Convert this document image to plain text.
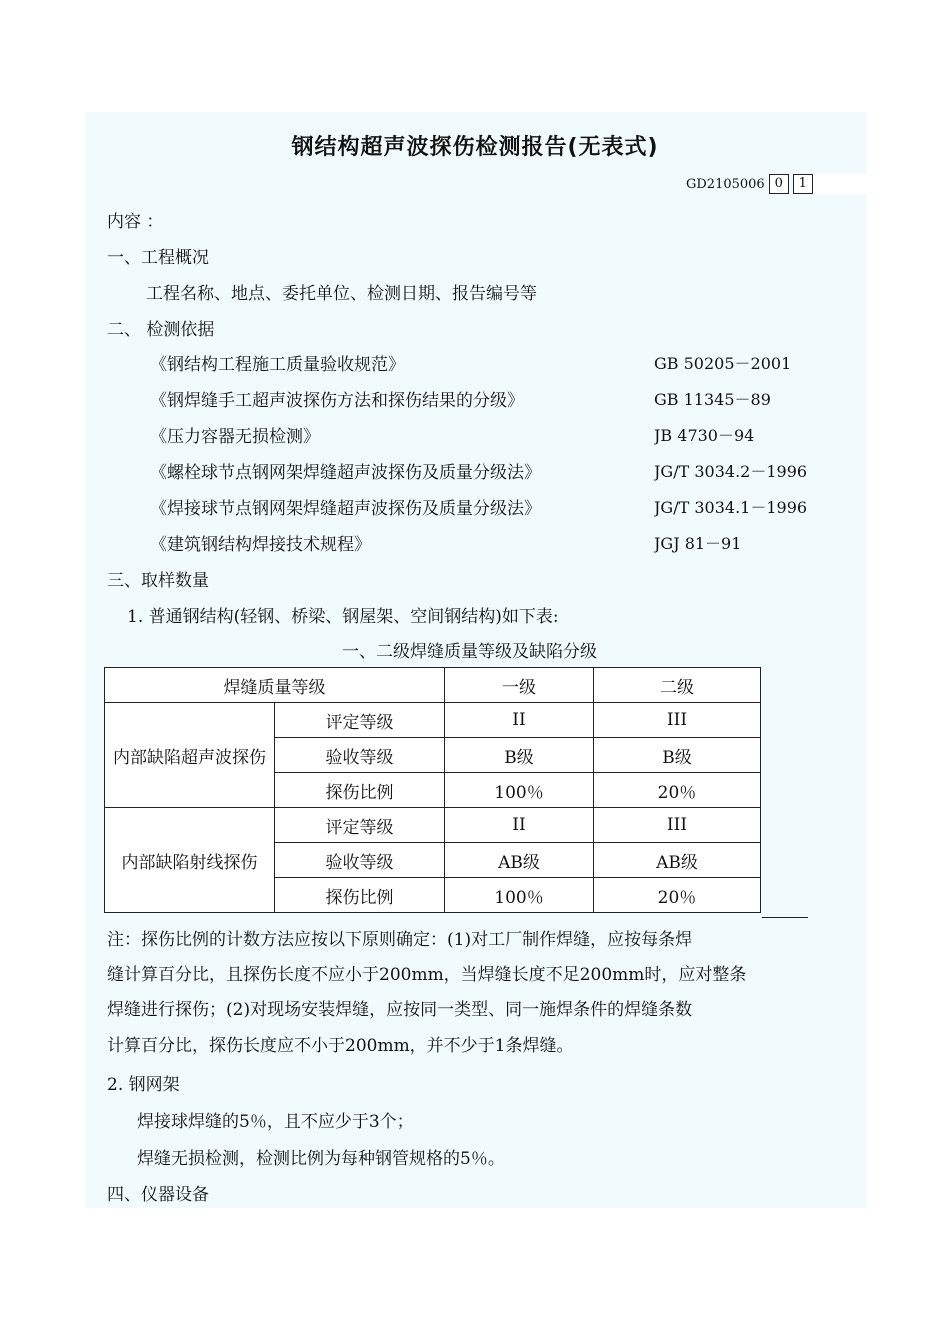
钢结构超声波探伤检测报告(无表式)
GD2105006 0	1
内容 ：
一、工程概况
工程名称、地点、委托单位、检测日期、报告编号等
二、 检测依据
《钢结构工程施工质量验收规范》	GB 50205－2001
《钢焊缝手工超声波探伤方法和探伤结果的分级》	GB 11345－89
《压力容器无损检测》	JB 4730－94
《螺栓球节点钢网架焊缝超声波探伤及质量分级法》	JG/T 3034.2－1996
《焊接球节点钢网架焊缝超声波探伤及质量分级法》	JG/T 3034.1－1996
《建筑钢结构焊接技术规程》	JGJ 81－91
三、取样数量
1. 普通钢结构(轻钢、桥梁、钢屋架、空间钢结构)如下表:
一、二级焊缝质量等级及缺陷分级
焊缝质量等级		一级	二级
内部缺陷超声波探伤	评定等级	II	III
	验收等级	B级	B级
	探伤比例	100％	20％
内部缺陷射线探伤	评定等级	II	III
	验收等级	AB级	AB级
	探伤比例	100％	20％
注：探伤比例的计数方法应按以下原则确定：(1)对工厂制作焊缝，应按每条焊
缝计算百分比，且探伤长度不应小于200mm，当焊缝长度不足200mm时，应对整条
焊缝进行探伤；(2)对现场安装焊缝，应按同一类型、同一施焊条件的焊缝条数
计算百分比，探伤长度应不小于200mm，并不少于1条焊缝。
2. 钢网架
焊接球焊缝的5％，且不应少于3个；
焊缝无损检测，检测比例为每种钢管规格的5％。
四、仪器设备
